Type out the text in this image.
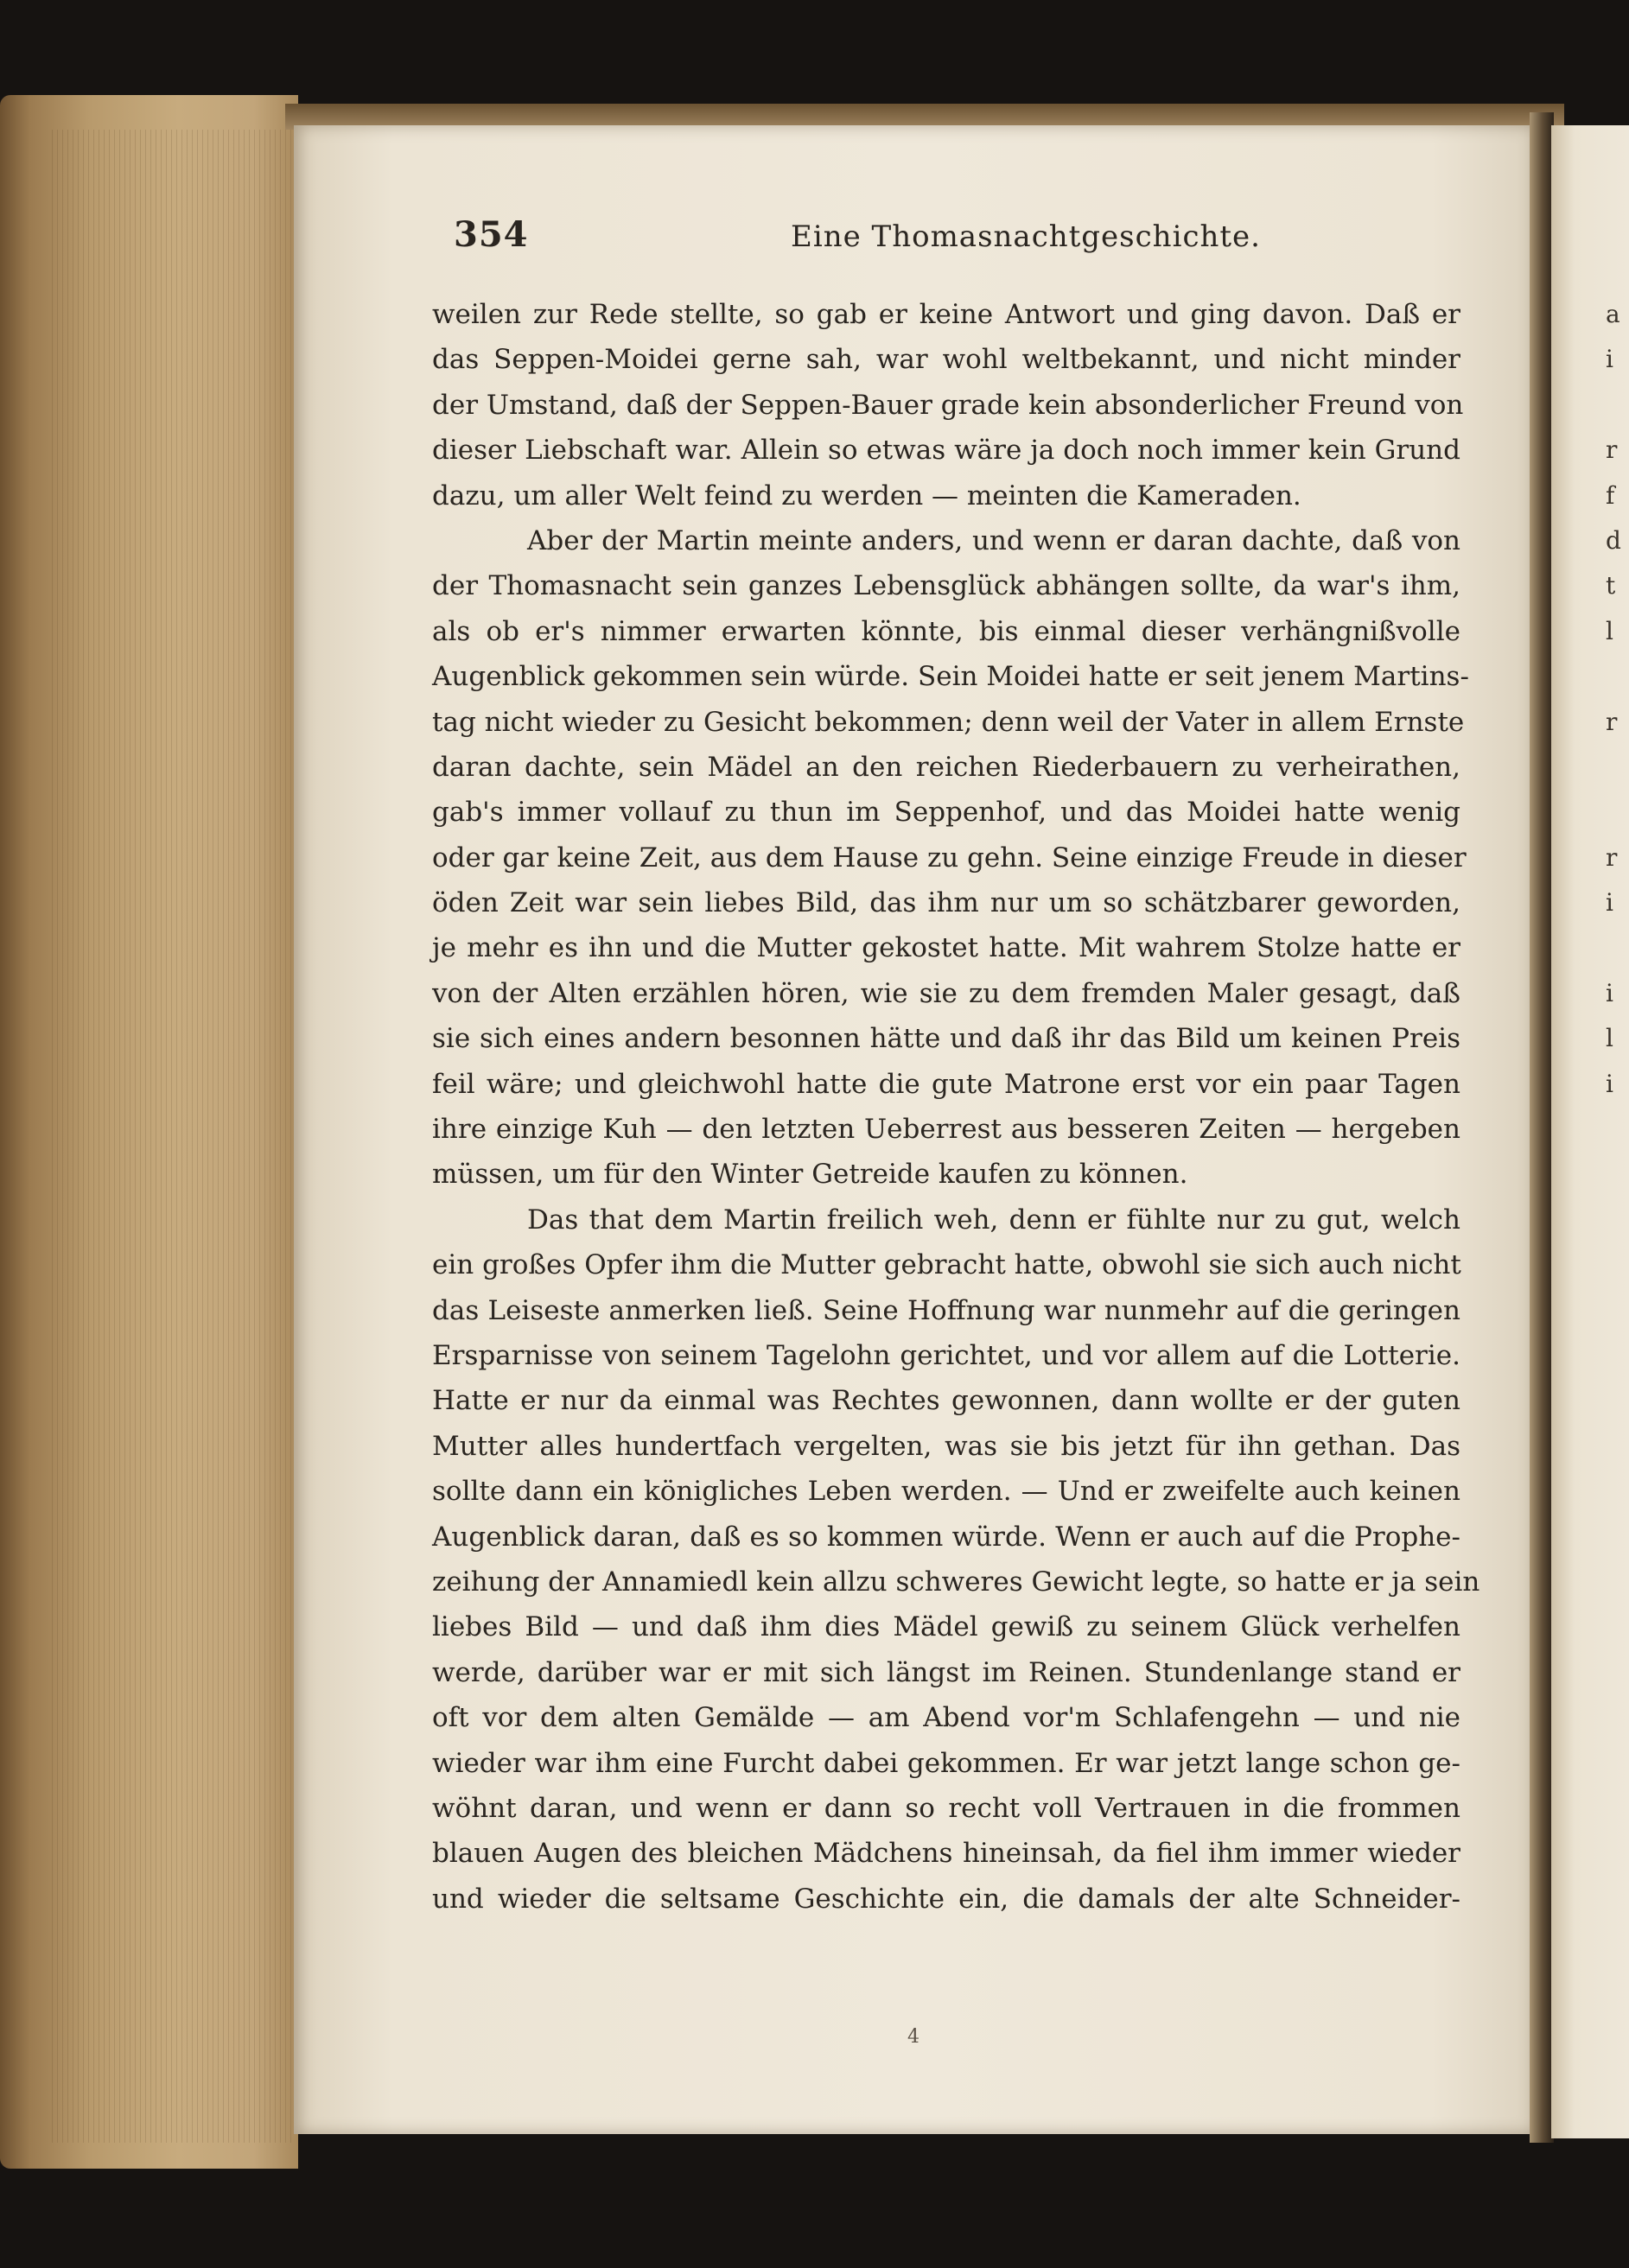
354	Eine Thomasnachtgeschichte.
weilen zur Rede stellte, so gab er keine Antwort und ging davon. Daß er
das Seppen-Moidei gerne sah, war wohl weltbekannt, und nicht minder
der Umstand, daß der Seppen-Bauer grade kein absonderlicher Freund von
dieser Liebschaft war. Allein so etwas wäre ja doch noch immer kein Grund
dazu, um aller Welt feind zu werden — meinten die Kameraden.
Aber der Martin meinte anders, und wenn er daran dachte, daß von
der Thomasnacht sein ganzes Lebensglück abhängen sollte, da war's ihm,
als ob er's nimmer erwarten könnte, bis einmal dieser verhängnißvolle
Augenblick gekommen sein würde. Sein Moidei hatte er seit jenem Martins-
tag nicht wieder zu Gesicht bekommen; denn weil der Vater in allem Ernste
daran dachte, sein Mädel an den reichen Riederbauern zu verheirathen,
gab's immer vollauf zu thun im Seppenhof, und das Moidei hatte wenig
oder gar keine Zeit, aus dem Hause zu gehn. Seine einzige Freude in dieser
öden Zeit war sein liebes Bild, das ihm nur um so schätzbarer geworden,
je mehr es ihn und die Mutter gekostet hatte. Mit wahrem Stolze hatte er
von der Alten erzählen hören, wie sie zu dem fremden Maler gesagt, daß
sie sich eines andern besonnen hätte und daß ihr das Bild um keinen Preis
feil wäre; und gleichwohl hatte die gute Matrone erst vor ein paar Tagen
ihre einzige Kuh — den letzten Ueberrest aus besseren Zeiten — hergeben
müssen, um für den Winter Getreide kaufen zu können.
Das that dem Martin freilich weh, denn er fühlte nur zu gut, welch
ein großes Opfer ihm die Mutter gebracht hatte, obwohl sie sich auch nicht
das Leiseste anmerken ließ. Seine Hoffnung war nunmehr auf die geringen
Ersparnisse von seinem Tagelohn gerichtet, und vor allem auf die Lotterie.
Hatte er nur da einmal was Rechtes gewonnen, dann wollte er der guten
Mutter alles hundertfach vergelten, was sie bis jetzt für ihn gethan. Das
sollte dann ein königliches Leben werden. — Und er zweifelte auch keinen
Augenblick daran, daß es so kommen würde. Wenn er auch auf die Prophe-
zeihung der Annamiedl kein allzu schweres Gewicht legte, so hatte er ja sein
liebes Bild — und daß ihm dies Mädel gewiß zu seinem Glück verhelfen
werde, darüber war er mit sich längst im Reinen. Stundenlange stand er
oft vor dem alten Gemälde — am Abend vor'm Schlafengehn — und nie
wieder war ihm eine Furcht dabei gekommen. Er war jetzt lange schon ge-
wöhnt daran, und wenn er dann so recht voll Vertrauen in die frommen
blauen Augen des bleichen Mädchens hineinsah, da fiel ihm immer wieder
und wieder die seltsame Geschichte ein, die damals der alte Schneider-
a
i
r
f
d
t
l
r
r
i
i
l
i
4
